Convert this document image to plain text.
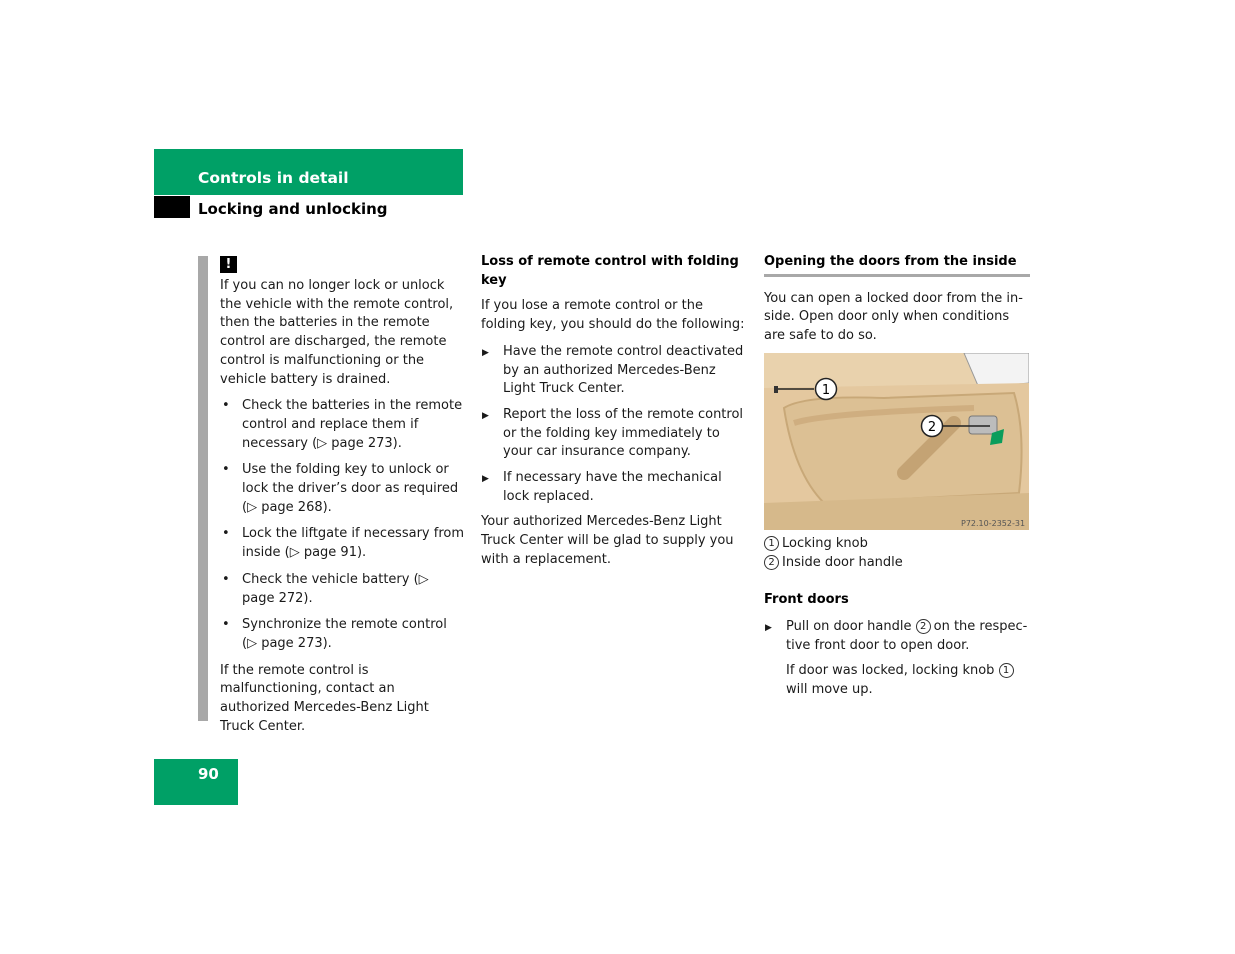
Controls in detail
Locking and unlocking
!

If you can no longer lock or unlock the vehicle with the remote control, then the batteries in the remote control are discharged, the remote control is malfunctioning or the vehicle battery is drained.

• Check the batteries in the remote control and replace them if necessary (▷ page 273).
• Use the folding key to unlock or lock the driver’s door as required (▷ page 268).
• Lock the liftgate if necessary from inside (▷ page 91).
• Check the vehicle battery (▷ page 272).
• Synchronize the remote control (▷ page 273).

If the remote control is malfunctioning, contact an authorized Mercedes-Benz Light Truck Center.

Loss of remote control with folding key

If you lose a remote control or the folding key, you should do the following:

▶ Have the remote control deactivated by an authorized Mercedes-Benz Light Truck Center.
▶ Report the loss of the remote control or the folding key immediately to your car insurance company.
▶ If necessary have the mechanical lock replaced.

Your authorized Mercedes-Benz Light Truck Center will be glad to supply you with a replacement.

Opening the doors from the inside

You can open a locked door from the inside. Open door only when conditions are safe to do so.

1
2
P72.10-2352-31

1 Locking knob

2 Inside door handle

Front doors

▶ Pull on door handle 2 on the respective front door to open door.

If door was locked, locking knob 1will move up.

90
